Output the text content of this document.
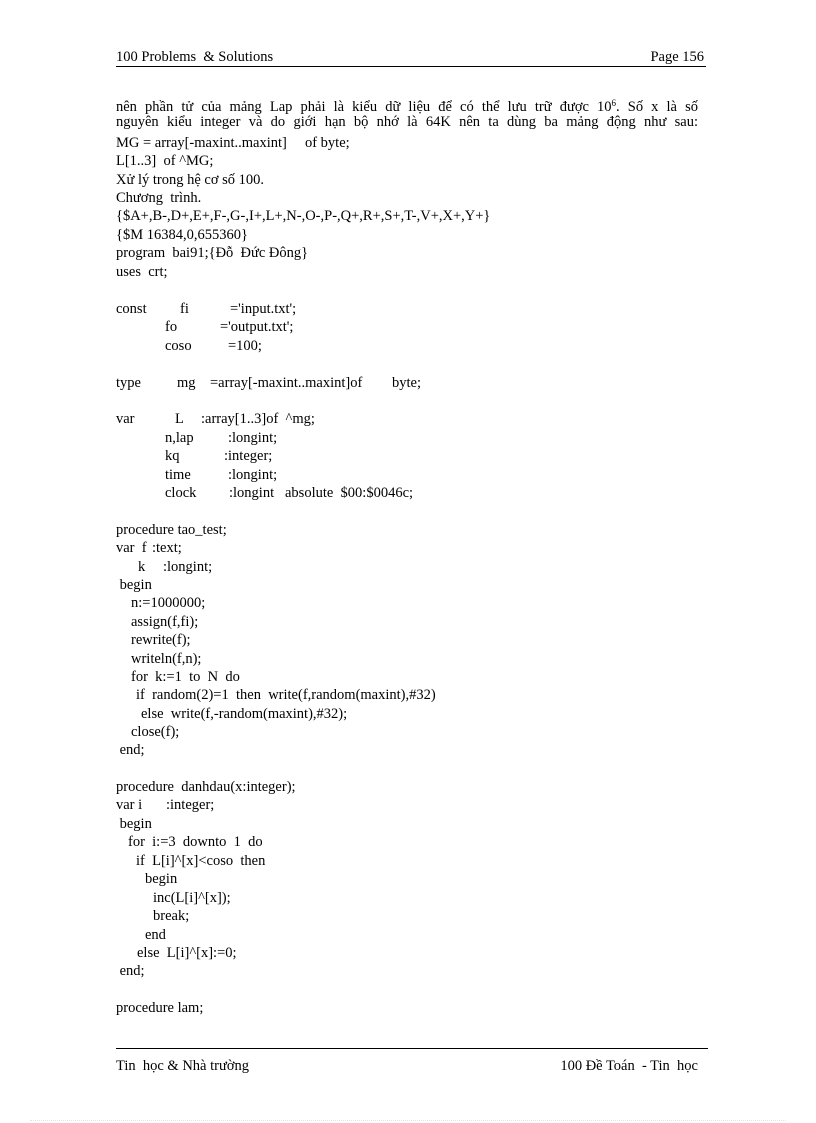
100 Problems  & Solutions	Page 156
nên  phần  tử  của  mảng  Lap  phải  là  kiểu  dữ  liệu  để  có  thể  lưu  trữ  được  $10^6$.  Số  x  là  số
nguyên  kiểu  integer  và  do  giới  hạn  bộ  nhớ  là  64K  nên  ta  dùng  ba  mảng  động  như  sau:
MG = array[-maxint..maxint]     of byte;
L[1..3]  of ^MG;
Xử lý trong hệ cơ số 100.
Chương  trình.
{$A+,B-,D+,E+,F-,G-,I+,L+,N-,O-,P-,Q+,R+,S+,T-,V+,X+,Y+}
{$M 16384,0,655360}
program  bai91;{Đỗ  Đức Đông}
uses  crt;
const fi	='input.txt';
fo	='output.txt';
coso	=100;
type mg =array[-maxint..maxint]of byte;
var	L :array[1..3]of  ^mg;
n,lap :longint;
kq	:integer;
time	:longint;
clock :longint   absolute  $00:$0046c;
procedure tao_test;
var  f :text;
k :longint;
begin
n:=1000000;
assign(f,fi);
rewrite(f);
writeln(f,n);
for  k:=1  to  N  do
if  random(2)=1  then  write(f,random(maxint),#32)
else  write(f,-random(maxint),#32);
close(f);
end;
procedure  danhdau(x:integer);
var i :integer;
begin
for  i:=3  downto  1  do
if  L[i]^[x]<coso  then
begin
inc(L[i]^[x]);
break;
end
else  L[i]^[x]:=0;
end;
procedure lam;
Tin  học & Nhà trường	100 Đề Toán  - Tin  học
